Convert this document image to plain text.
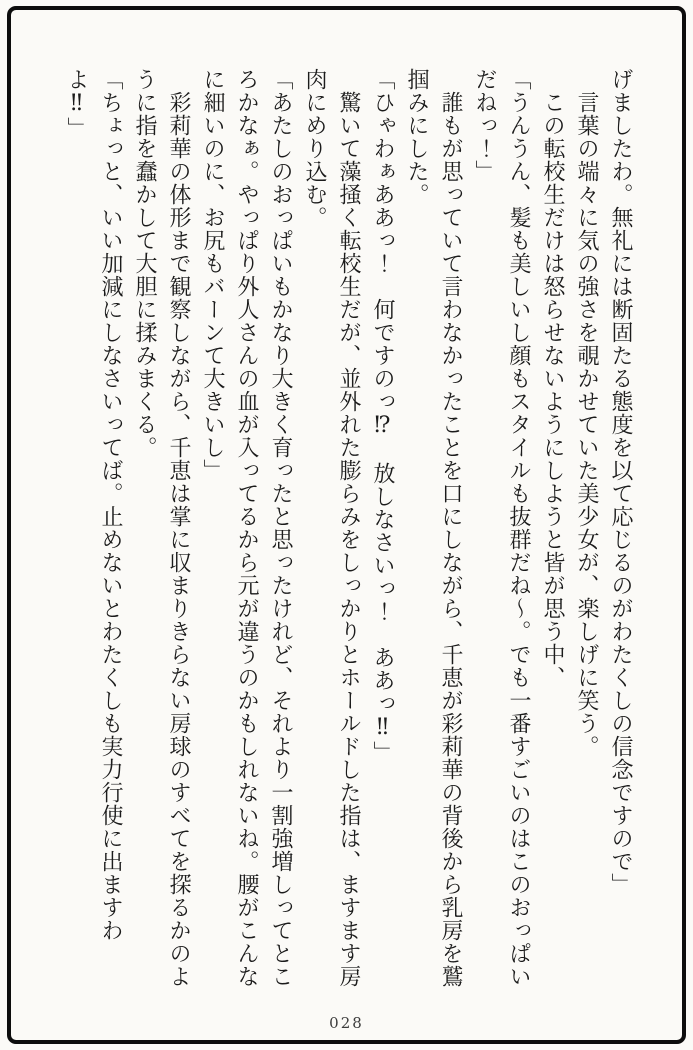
げましたわ。無礼には断固たる態度を以て応じるのがわたくしの信念ですので」
言葉の端々に気の強さを覗かせていた美少女が、楽しげに笑う。
この転校生だけは怒らせないようにしようと皆が思う中、
「うんうん、髪も美しいし顔もスタイルも抜群だね～。でも一番すごいのはこのおっぱい
だねっ！」
誰もが思っていて言わなかったことを口にしながら、千恵が彩莉華の背後から乳房を鷲
掴みにした。
「ひゃわぁああっ！　何ですのっ⁉　放しなさいっ！　ああっ‼」
驚いて藻掻く転校生だが、並外れた膨らみをしっかりとホールドした指は、ますます房
肉にめり込む。
「あたしのおっぱいもかなり大きく育ったと思ったけれど、それより一割強増しってとこ
ろかなぁ。やっぱり外人さんの血が入ってるから元が違うのかもしれないね。腰がこんな
に細いのに、お尻もバーンて大きいし」
彩莉華の体形まで観察しながら、千恵は掌に収まりきらない房球のすべてを探るかのよ
うに指を蠢かして大胆に揉みまくる。
「ちょっと、いい加減にしなさいってば。止めないとわたくしも実力行使に出ますわ
よ‼」
028
